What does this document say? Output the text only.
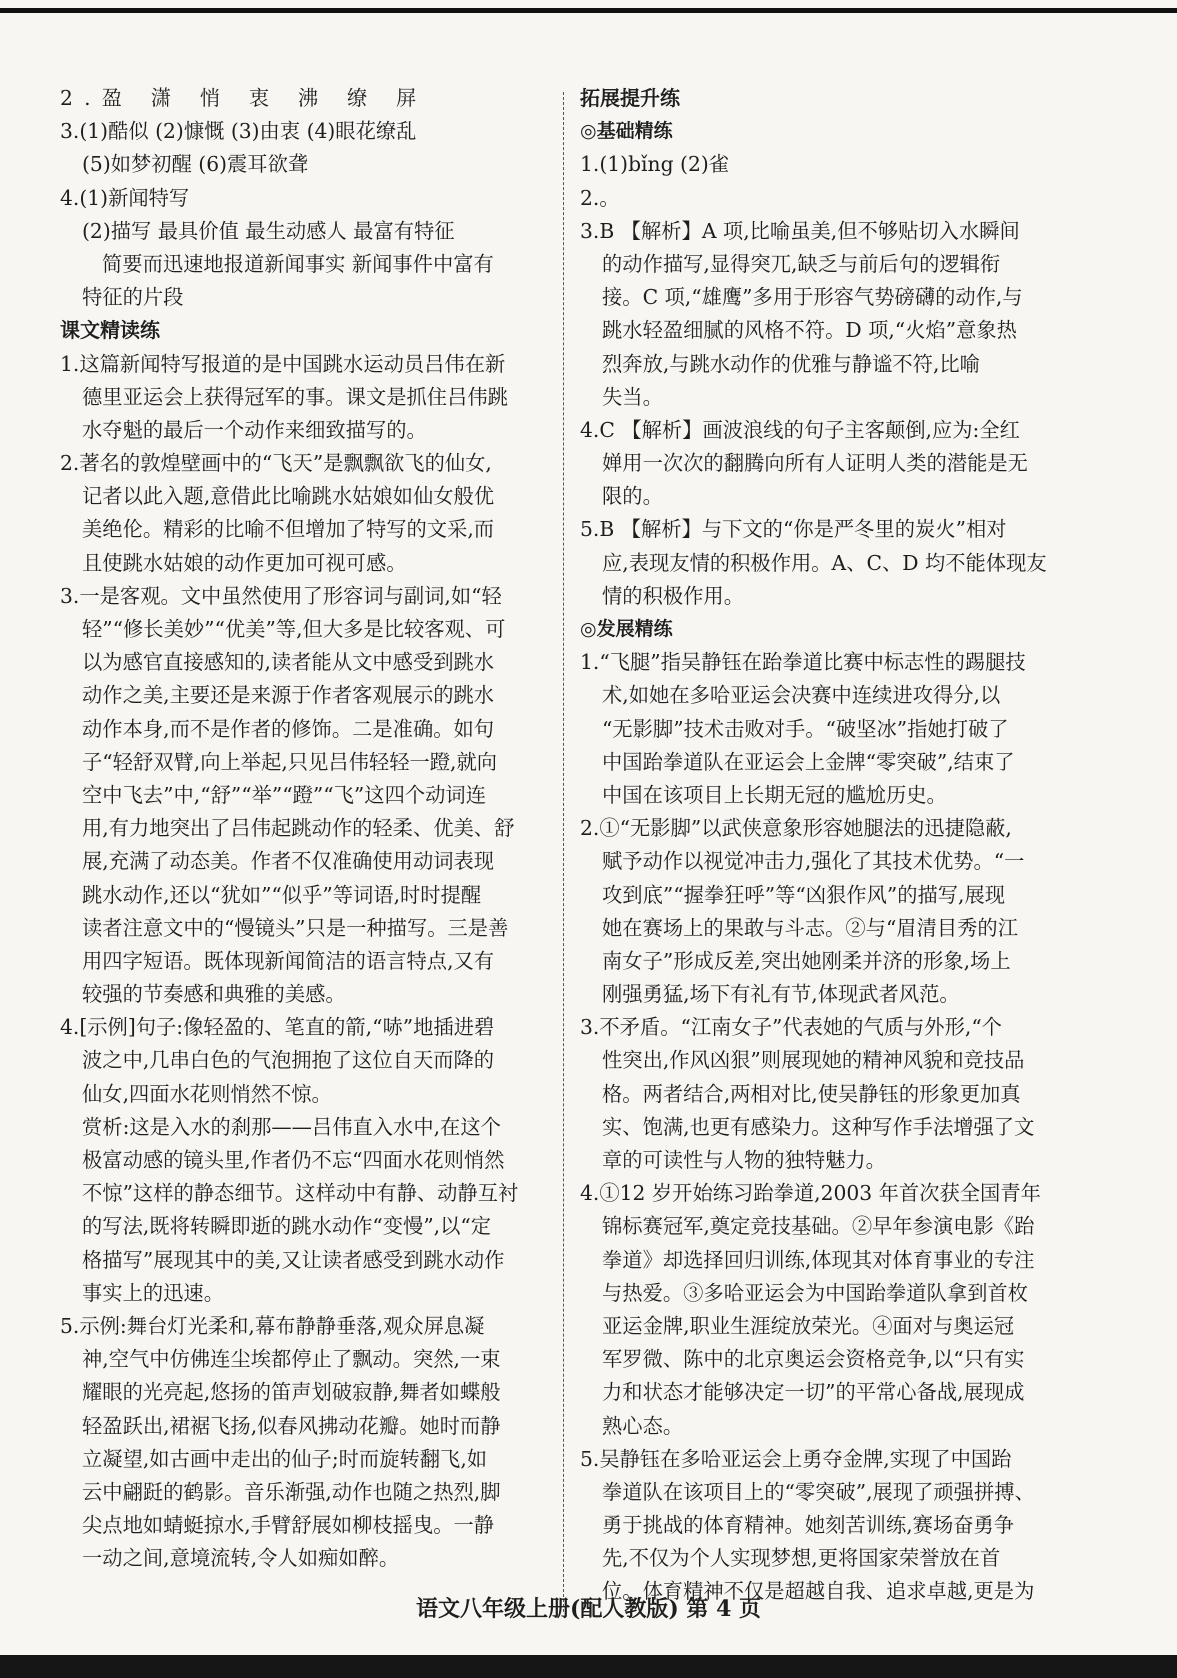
2.盈 潇 悄 衷 沸 缭 屏
3.(1)酷似 (2)慷慨 (3)由衷 (4)眼花缭乱
(5)如梦初醒 (6)震耳欲聋
4.(1)新闻特写
(2)描写 最具价值 最生动感人 最富有特征
简要而迅速地报道新闻事实 新闻事件中富有
特征的片段
课文精读练
1.这篇新闻特写报道的是中国跳水运动员吕伟在新
德里亚运会上获得冠军的事。课文是抓住吕伟跳
水夺魁的最后一个动作来细致描写的。
2.著名的敦煌壁画中的“飞天”是飘飘欲飞的仙女,
记者以此入题,意借此比喻跳水姑娘如仙女般优
美绝伦。精彩的比喻不但增加了特写的文采,而
且使跳水姑娘的动作更加可视可感。
3.一是客观。文中虽然使用了形容词与副词,如“轻
轻”“修长美妙”“优美”等,但大多是比较客观、可
以为感官直接感知的,读者能从文中感受到跳水
动作之美,主要还是来源于作者客观展示的跳水
动作本身,而不是作者的修饰。二是准确。如句
子“轻舒双臂,向上举起,只见吕伟轻轻一蹬,就向
空中飞去”中,“舒”“举”“蹬”“飞”这四个动词连
用,有力地突出了吕伟起跳动作的轻柔、优美、舒
展,充满了动态美。作者不仅准确使用动词表现
跳水动作,还以“犹如”“似乎”等词语,时时提醒
读者注意文中的“慢镜头”只是一种描写。三是善
用四字短语。既体现新闻简洁的语言特点,又有
较强的节奏感和典雅的美感。
4.[示例]句子:像轻盈的、笔直的箭,“哧”地插进碧
波之中,几串白色的气泡拥抱了这位自天而降的
仙女,四面水花则悄然不惊。
赏析:这是入水的刹那——吕伟直入水中,在这个
极富动感的镜头里,作者仍不忘“四面水花则悄然
不惊”这样的静态细节。这样动中有静、动静互衬
的写法,既将转瞬即逝的跳水动作“变慢”,以“定
格描写”展现其中的美,又让读者感受到跳水动作
事实上的迅速。
5.示例:舞台灯光柔和,幕布静静垂落,观众屏息凝
神,空气中仿佛连尘埃都停止了飘动。突然,一束
耀眼的光亮起,悠扬的笛声划破寂静,舞者如蝶般
轻盈跃出,裙裾飞扬,似春风拂动花瓣。她时而静
立凝望,如古画中走出的仙子;时而旋转翻飞,如
云中翩跹的鹤影。音乐渐强,动作也随之热烈,脚
尖点地如蜻蜓掠水,手臂舒展如柳枝摇曳。一静
一动之间,意境流转,令人如痴如醉。
拓展提升练
◎基础精练
1.(1)bǐng (2)雀
2.。
3.B 【解析】A 项,比喻虽美,但不够贴切入水瞬间
的动作描写,显得突兀,缺乏与前后句的逻辑衔
接。C 项,“雄鹰”多用于形容气势磅礴的动作,与
跳水轻盈细腻的风格不符。D 项,“火焰”意象热
烈奔放,与跳水动作的优雅与静谧不符,比喻
失当。
4.C 【解析】画波浪线的句子主客颠倒,应为:全红
婵用一次次的翻腾向所有人证明人类的潜能是无
限的。
5.B 【解析】与下文的“你是严冬里的炭火”相对
应,表现友情的积极作用。A、C、D 均不能体现友
情的积极作用。
◎发展精练
1.“飞腿”指吴静钰在跆拳道比赛中标志性的踢腿技
术,如她在多哈亚运会决赛中连续进攻得分,以
“无影脚”技术击败对手。“破坚冰”指她打破了
中国跆拳道队在亚运会上金牌“零突破”,结束了
中国在该项目上长期无冠的尴尬历史。
2.①“无影脚”以武侠意象形容她腿法的迅捷隐蔽,
赋予动作以视觉冲击力,强化了其技术优势。“一
攻到底”“握拳狂呼”等“凶狠作风”的描写,展现
她在赛场上的果敢与斗志。②与“眉清目秀的江
南女子”形成反差,突出她刚柔并济的形象,场上
刚强勇猛,场下有礼有节,体现武者风范。
3.不矛盾。“江南女子”代表她的气质与外形,“个
性突出,作风凶狠”则展现她的精神风貌和竞技品
格。两者结合,两相对比,使吴静钰的形象更加真
实、饱满,也更有感染力。这种写作手法增强了文
章的可读性与人物的独特魅力。
4.①12 岁开始练习跆拳道,2003 年首次获全国青年
锦标赛冠军,奠定竞技基础。②早年参演电影《跆
拳道》却选择回归训练,体现其对体育事业的专注
与热爱。③多哈亚运会为中国跆拳道队拿到首枚
亚运金牌,职业生涯绽放荣光。④面对与奥运冠
军罗微、陈中的北京奥运会资格竞争,以“只有实
力和状态才能够决定一切”的平常心备战,展现成
熟心态。
5.吴静钰在多哈亚运会上勇夺金牌,实现了中国跆
拳道队在该项目上的“零突破”,展现了顽强拼搏、
勇于挑战的体育精神。她刻苦训练,赛场奋勇争
先,不仅为个人实现梦想,更将国家荣誉放在首
位。体育精神不仅是超越自我、追求卓越,更是为
语文八年级上册(配人教版) 第 4 页
